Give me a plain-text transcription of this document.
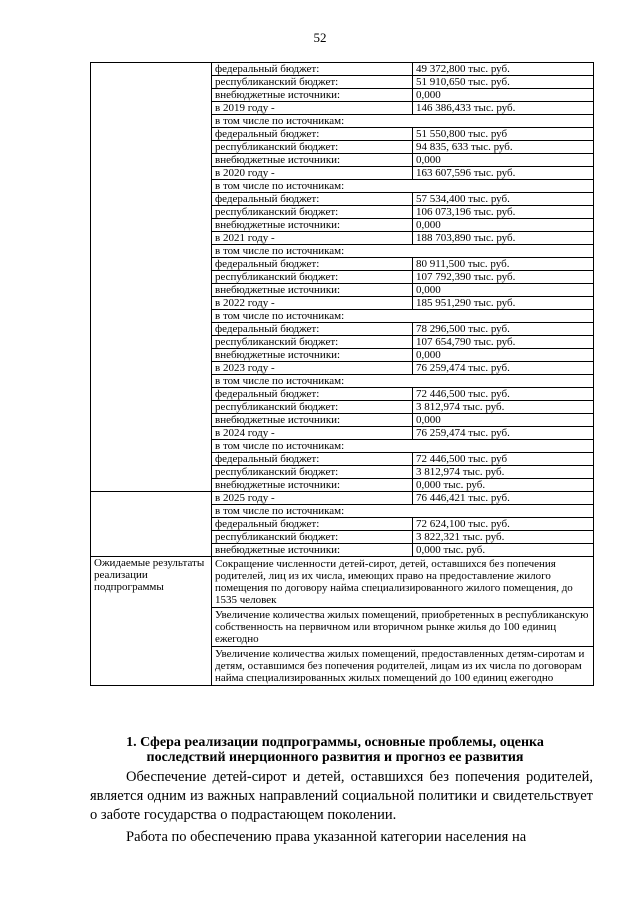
52
	федеральный бюджет:	49 372,800 тыс. руб.
	республиканский бюджет:	51 910,650 тыс. руб.
	внебюджетные источники:	0,000
	в 2019 году -	146 386,433 тыс. руб.
	в том числе по источникам:	
	федеральный бюджет:	51 550,800 тыс. руб
	республиканский бюджет:	94 835, 633 тыс. руб.
	внебюджетные источники:	0,000
	в 2020 году -	163 607,596 тыс. руб.
	в том числе по источникам:	
	федеральный бюджет:	57 534,400 тыс. руб.
	республиканский бюджет:	106 073,196 тыс. руб.
	внебюджетные источники:	0,000
	в 2021 году -	188 703,890 тыс. руб.
	в том числе по источникам:	
	федеральный бюджет:	80 911,500 тыс. руб.
	республиканский бюджет:	107 792,390 тыс. руб.
	внебюджетные источники:	0,000
	в 2022 году -	185 951,290 тыс. руб.
	в том числе по источникам:	
	федеральный бюджет:	78 296,500 тыс. руб.
	республиканский бюджет:	107 654,790 тыс. руб.
	внебюджетные источники:	0,000
	в 2023 году -	76 259,474 тыс. руб.
	в том числе по источникам:	
	федеральный бюджет:	72 446,500 тыс. руб.
	республиканский бюджет:	3 812,974 тыс. руб.
	внебюджетные источники:	0,000
	в 2024 году -	76 259,474 тыс. руб.
	в том числе по источникам:	
	федеральный бюджет:	72 446,500 тыс. руб
	республиканский бюджет:	3 812,974 тыс. руб.
	внебюджетные источники:	0,000 тыс. руб.
	в 2025 году -	76 446,421 тыс. руб.
	в том числе по источникам:	
	федеральный бюджет:	72 624,100 тыс. руб.
	республиканский бюджет:	3 822,321 тыс. руб.
	внебюджетные источники:	0,000 тыс. руб.
Ожидаемые результаты реализации подпрограммы	Сокращение численности детей-сирот, детей, оставшихся без попечения родителей, лиц из их числа, имеющих право на предоставление жилого помещения по договору найма специализированного жилого помещения, до 1535 человек	
	Увеличение количества жилых помещений, приобретенных в республиканскую собственность на первичном или вторичном рынке жилья до 100 единиц ежегодно	
	Увеличение количества жилых помещений, предоставленных детям-сиротам и детям, оставшимся без попечения родителей, лицам из их числа по договорам найма специализированных жилых помещений до 100 единиц ежегодно	
1. Сфера реализации подпрограммы, основные проблемы, оценка последствий инерционного развития и прогноз ее развития
Обеспечение детей-сирот и детей, оставшихся без попечения родителей, является одним из важных направлений социальной политики и свидетельствует о заботе государства о подрастающем поколении.
Работа по обеспечению права указанной категории населения на
